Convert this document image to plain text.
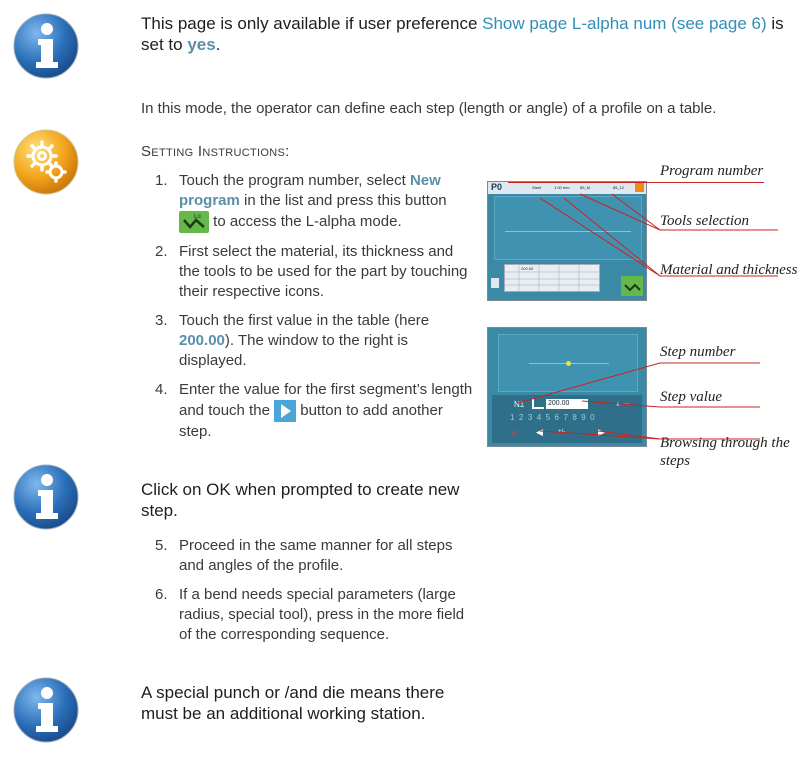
This page is only available if user preference Show page L-alpha num (see page 6) is set to yes.
In this mode, the operator can define each step (length or angle) of a profile on a table.
Setting Instructions:
1. Touch the program number, select New program in the list and press this button
Lα to access the L-alpha mode.
2. First select the material, its thickness and the tools to be used for the part by touching their respective icons.
3. Touch the first value in the table (here 200.00). The window to the right is displayed.
4. Enter the value for the first segment’s length and touch the
button to add another step.
Click on OK when prompted to create new step.
5. Proceed in the same manner for all steps and angles of the profile.
6. If a bend needs special parameters (large radius, special tool), press in the more field of the corresponding sequence.
A special punch or /and die means there must be an additional working station.
P0	Steel	1.00 mm	85_M	85_12
200.00
N1	200.00	⟵
1 2 3 4 5 6 7 8 9 0
✕ ◀	+/-	▶
Program number
Tools selection
Material and thickness
Step number
Step value
Browsing through the steps
